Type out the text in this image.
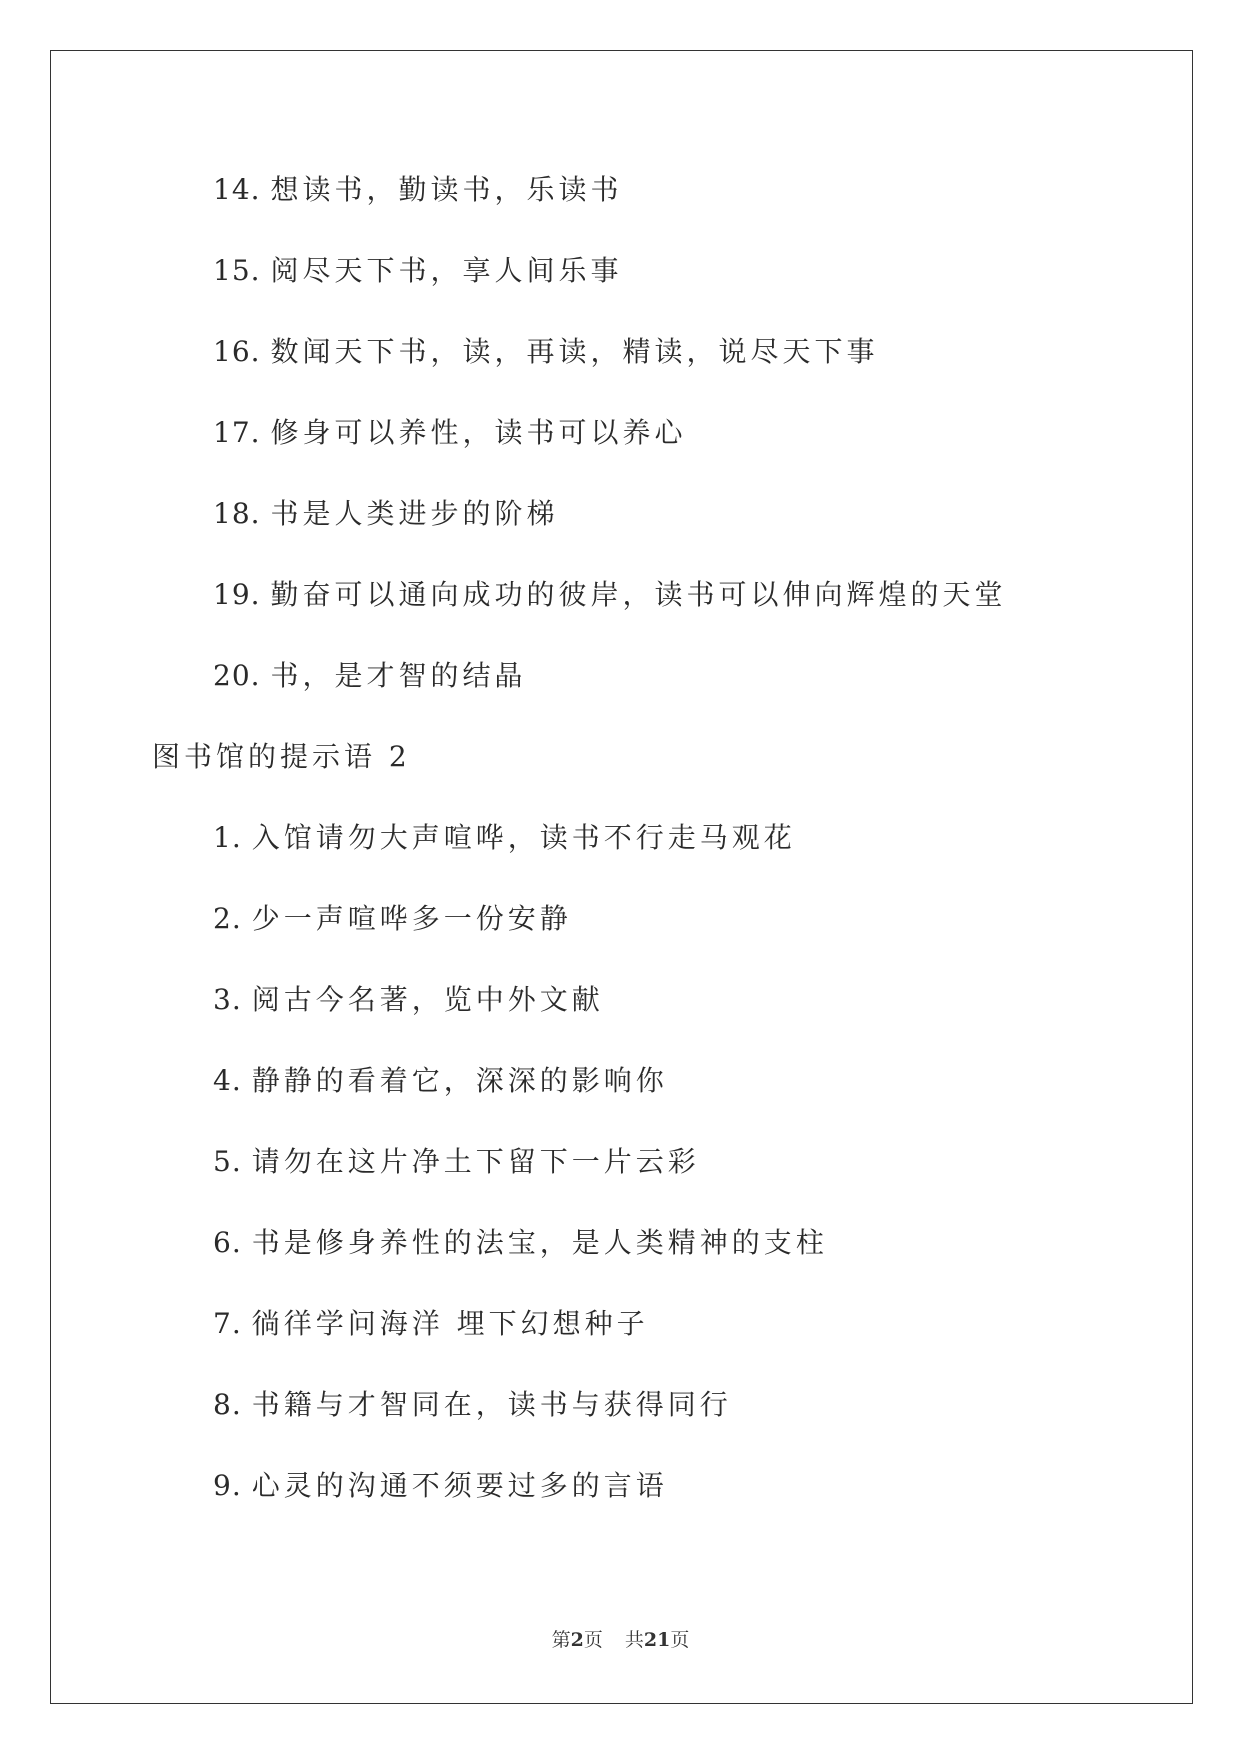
14. 想读书，勤读书，乐读书
15. 阅尽天下书，享人间乐事
16. 数闻天下书，读，再读，精读，说尽天下事
17. 修身可以养性，读书可以养心
18. 书是人类进步的阶梯
19. 勤奋可以通向成功的彼岸，读书可以伸向辉煌的天堂
20. 书，是才智的结晶
图书馆的提示语 2
1. 入馆请勿大声喧哗，读书不行走马观花
2. 少一声喧哗多一份安静
3. 阅古今名著，览中外文献
4. 静静的看着它，深深的影响你
5. 请勿在这片净土下留下一片云彩
6. 书是修身养性的法宝，是人类精神的支柱
7. 徜徉学问海洋 埋下幻想种子
8. 书籍与才智同在，读书与获得同行
9. 心灵的沟通不须要过多的言语
第2页 共21页
